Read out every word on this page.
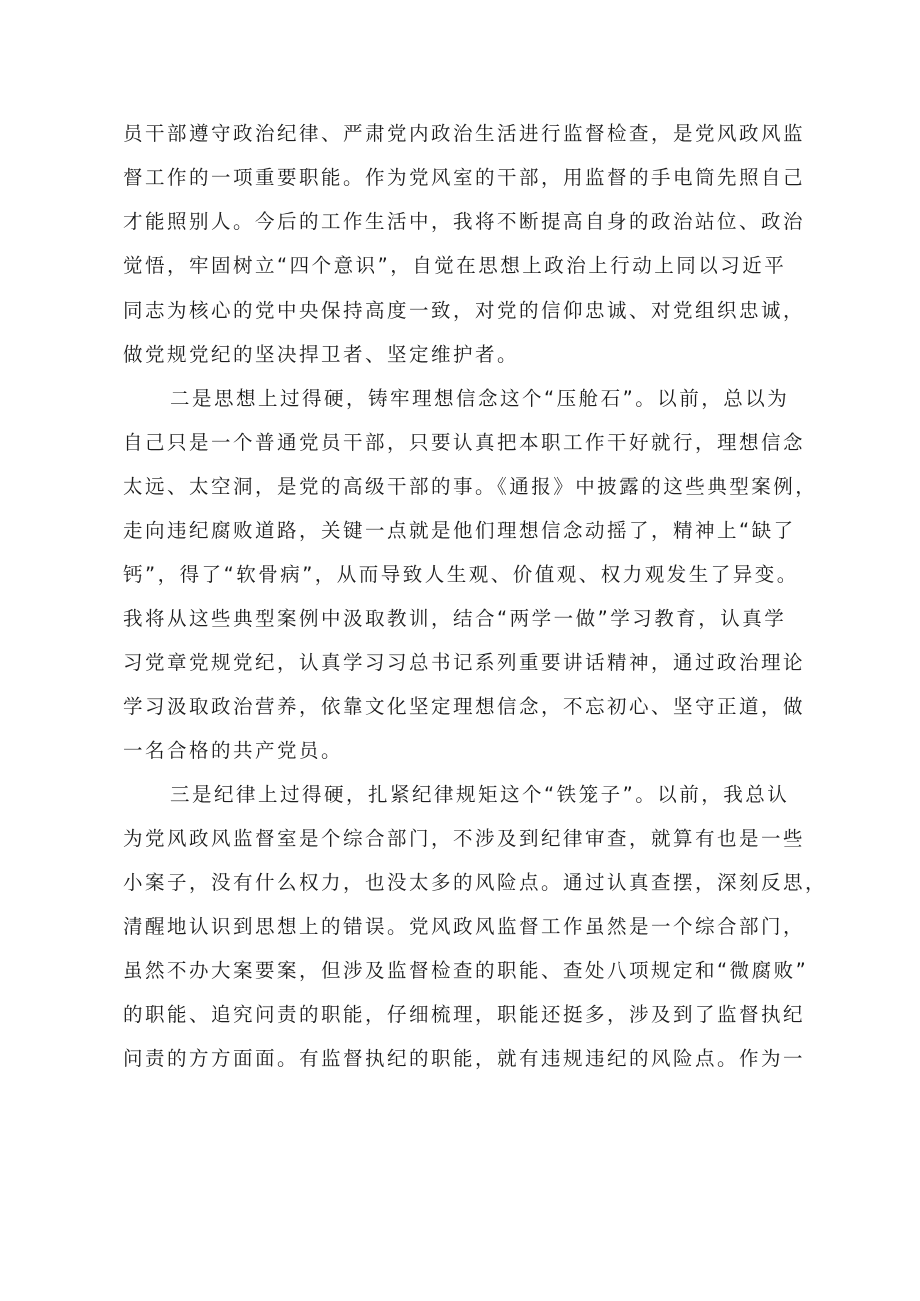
员干部遵守政治纪律、严肃党内政治生活进行监督检查，是党风政风监
督工作的一项重要职能。作为党风室的干部，用监督的手电筒先照自己
才能照别人。今后的工作生活中，我将不断提高自身的政治站位、政治
觉悟，牢固树立“四个意识”，自觉在思想上政治上行动上同以习近平
同志为核心的党中央保持高度一致，对党的信仰忠诚、对党组织忠诚，
做党规党纪的坚决捍卫者、坚定维护者。
二是思想上过得硬，铸牢理想信念这个“压舱石”。以前，总以为
自己只是一个普通党员干部，只要认真把本职工作干好就行，理想信念
太远、太空洞，是党的高级干部的事。《通报》中披露的这些典型案例，
走向违纪腐败道路，关键一点就是他们理想信念动摇了，精神上“缺了
钙”，得了“软骨病”，从而导致人生观、价值观、权力观发生了异变。
我将从这些典型案例中汲取教训，结合“两学一做”学习教育，认真学
习党章党规党纪，认真学习习总书记系列重要讲话精神，通过政治理论
学习汲取政治营养，依靠文化坚定理想信念，不忘初心、坚守正道，做
一名合格的共产党员。
三是纪律上过得硬，扎紧纪律规矩这个“铁笼子”。以前，我总认
为党风政风监督室是个综合部门，不涉及到纪律审查，就算有也是一些
小案子，没有什么权力，也没太多的风险点。通过认真查摆，深刻反思，
清醒地认识到思想上的错误。党风政风监督工作虽然是一个综合部门，
虽然不办大案要案，但涉及监督检查的职能、查处八项规定和“微腐败”
的职能、追究问责的职能，仔细梳理，职能还挺多，涉及到了监督执纪
问责的方方面面。有监督执纪的职能，就有违规违纪的风险点。作为一
